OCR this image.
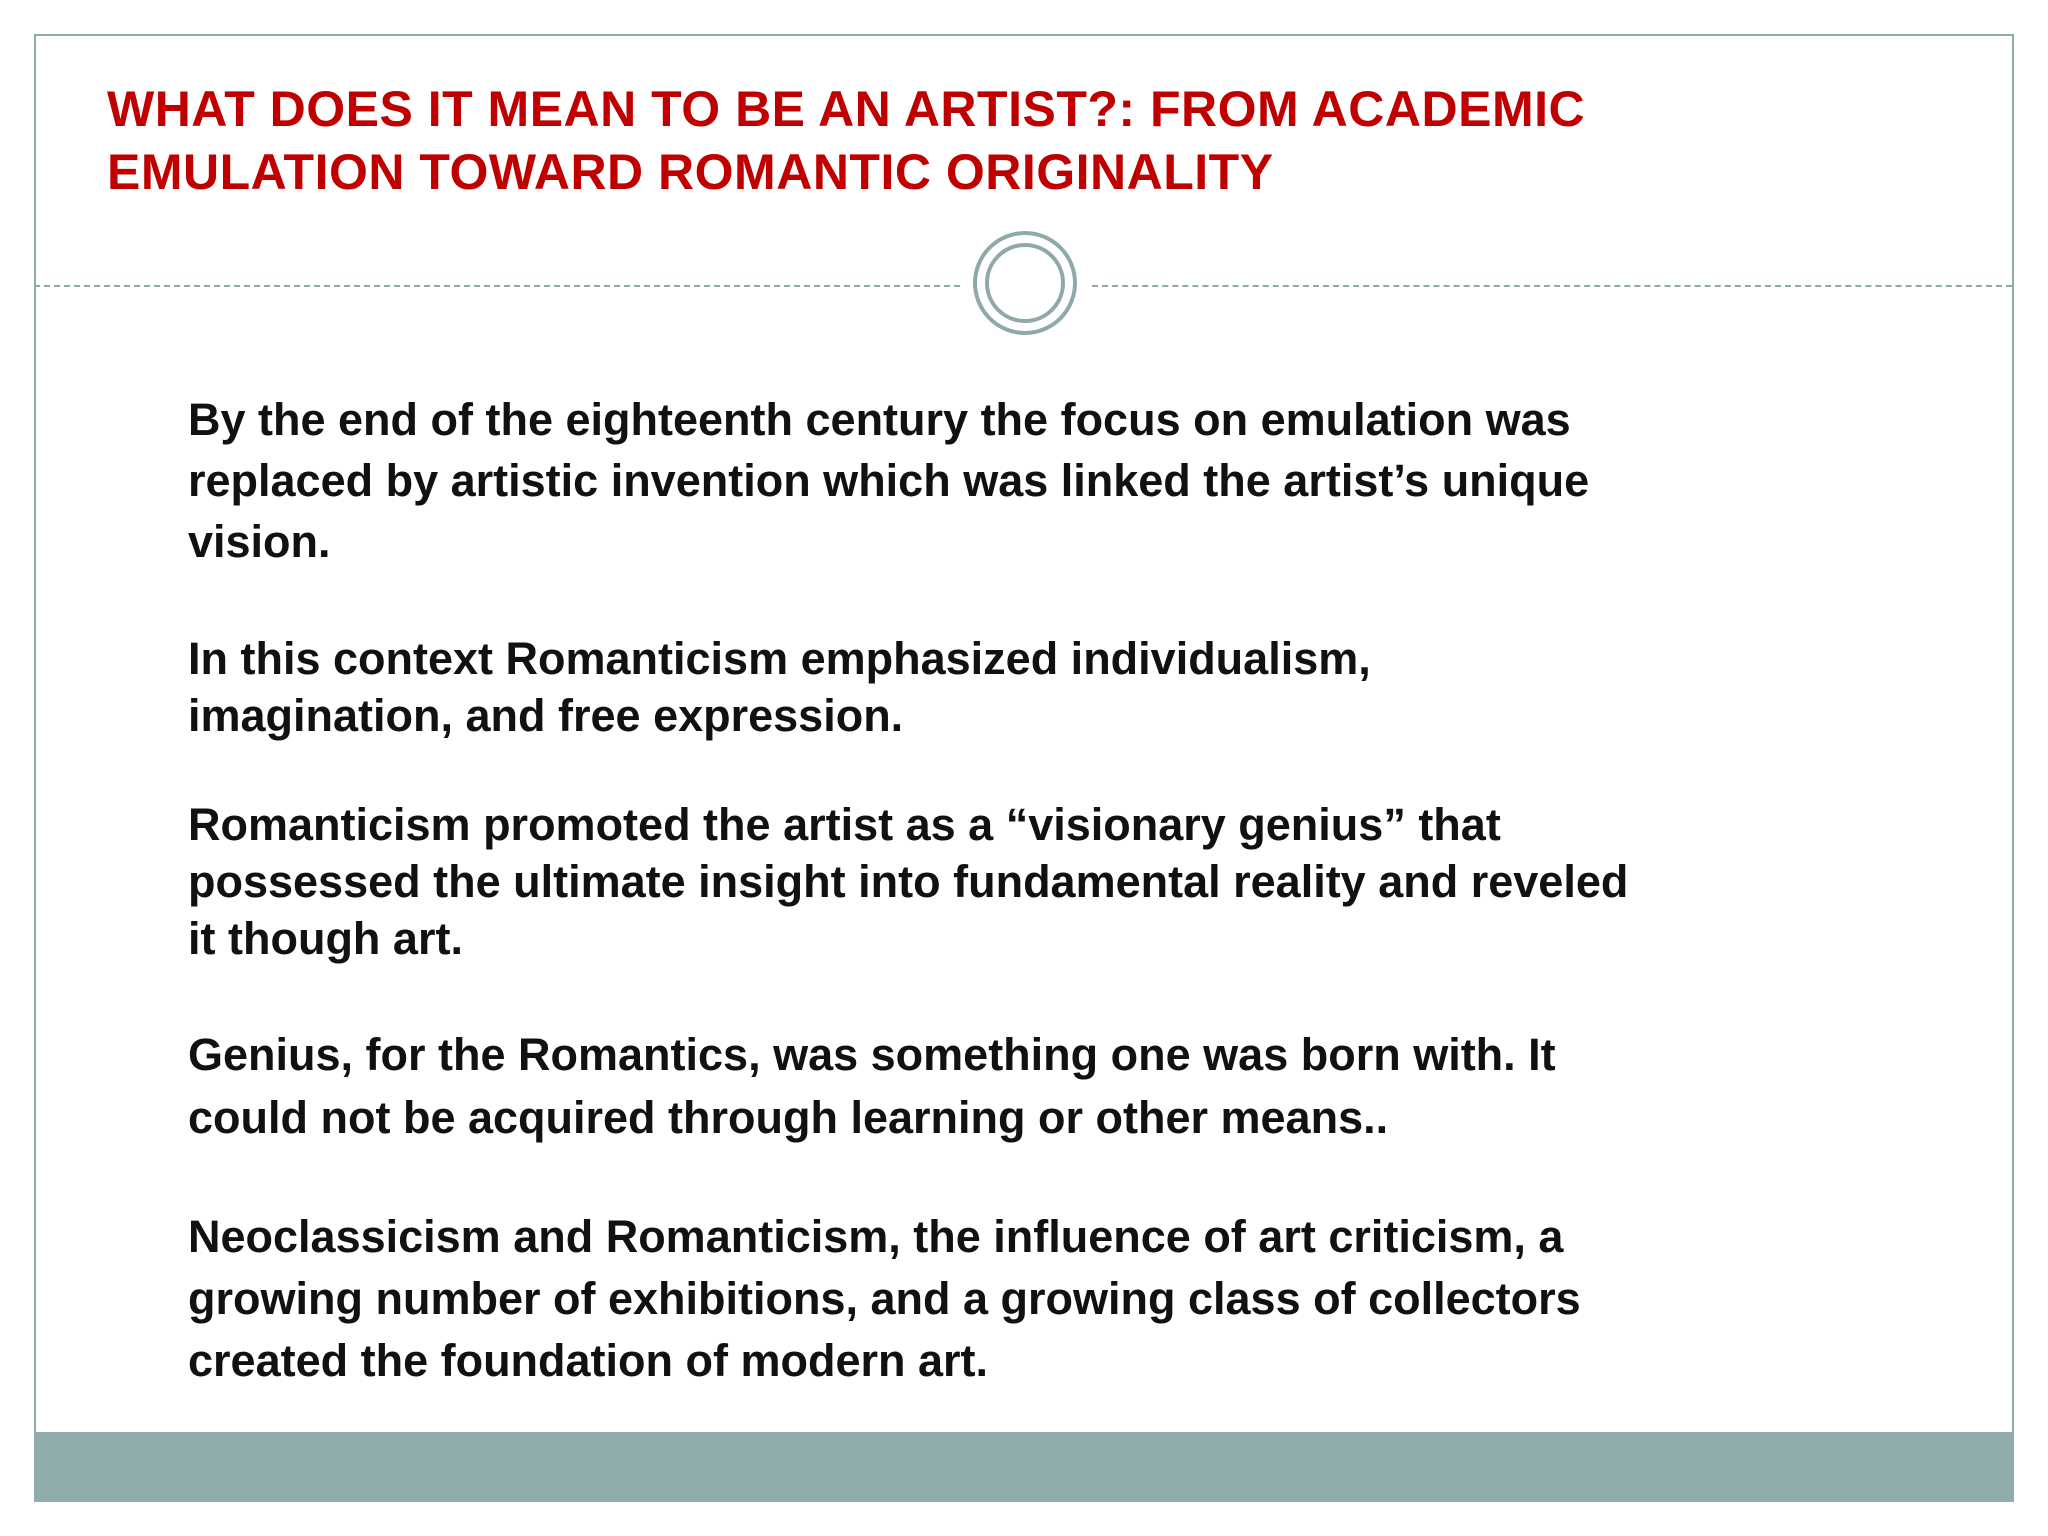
WHAT DOES IT MEAN TO BE AN ARTIST?: FROM ACADEMIC
EMULATION TOWARD ROMANTIC ORIGINALITY

By the end of the eighteenth century the focus on emulation was
replaced by artistic invention which was linked the artist’s unique
vision.

In this context Romanticism emphasized individualism,
imagination, and free expression.

Romanticism promoted the artist as a “visionary genius” that
possessed the ultimate insight into fundamental reality and reveled
it though art.

Genius, for the Romantics, was something one was born with. It
could not be acquired through learning or other means..

Neoclassicism and Romanticism, the influence of art criticism, a
growing number of exhibitions, and a growing class of collectors
created the foundation of modern art.
